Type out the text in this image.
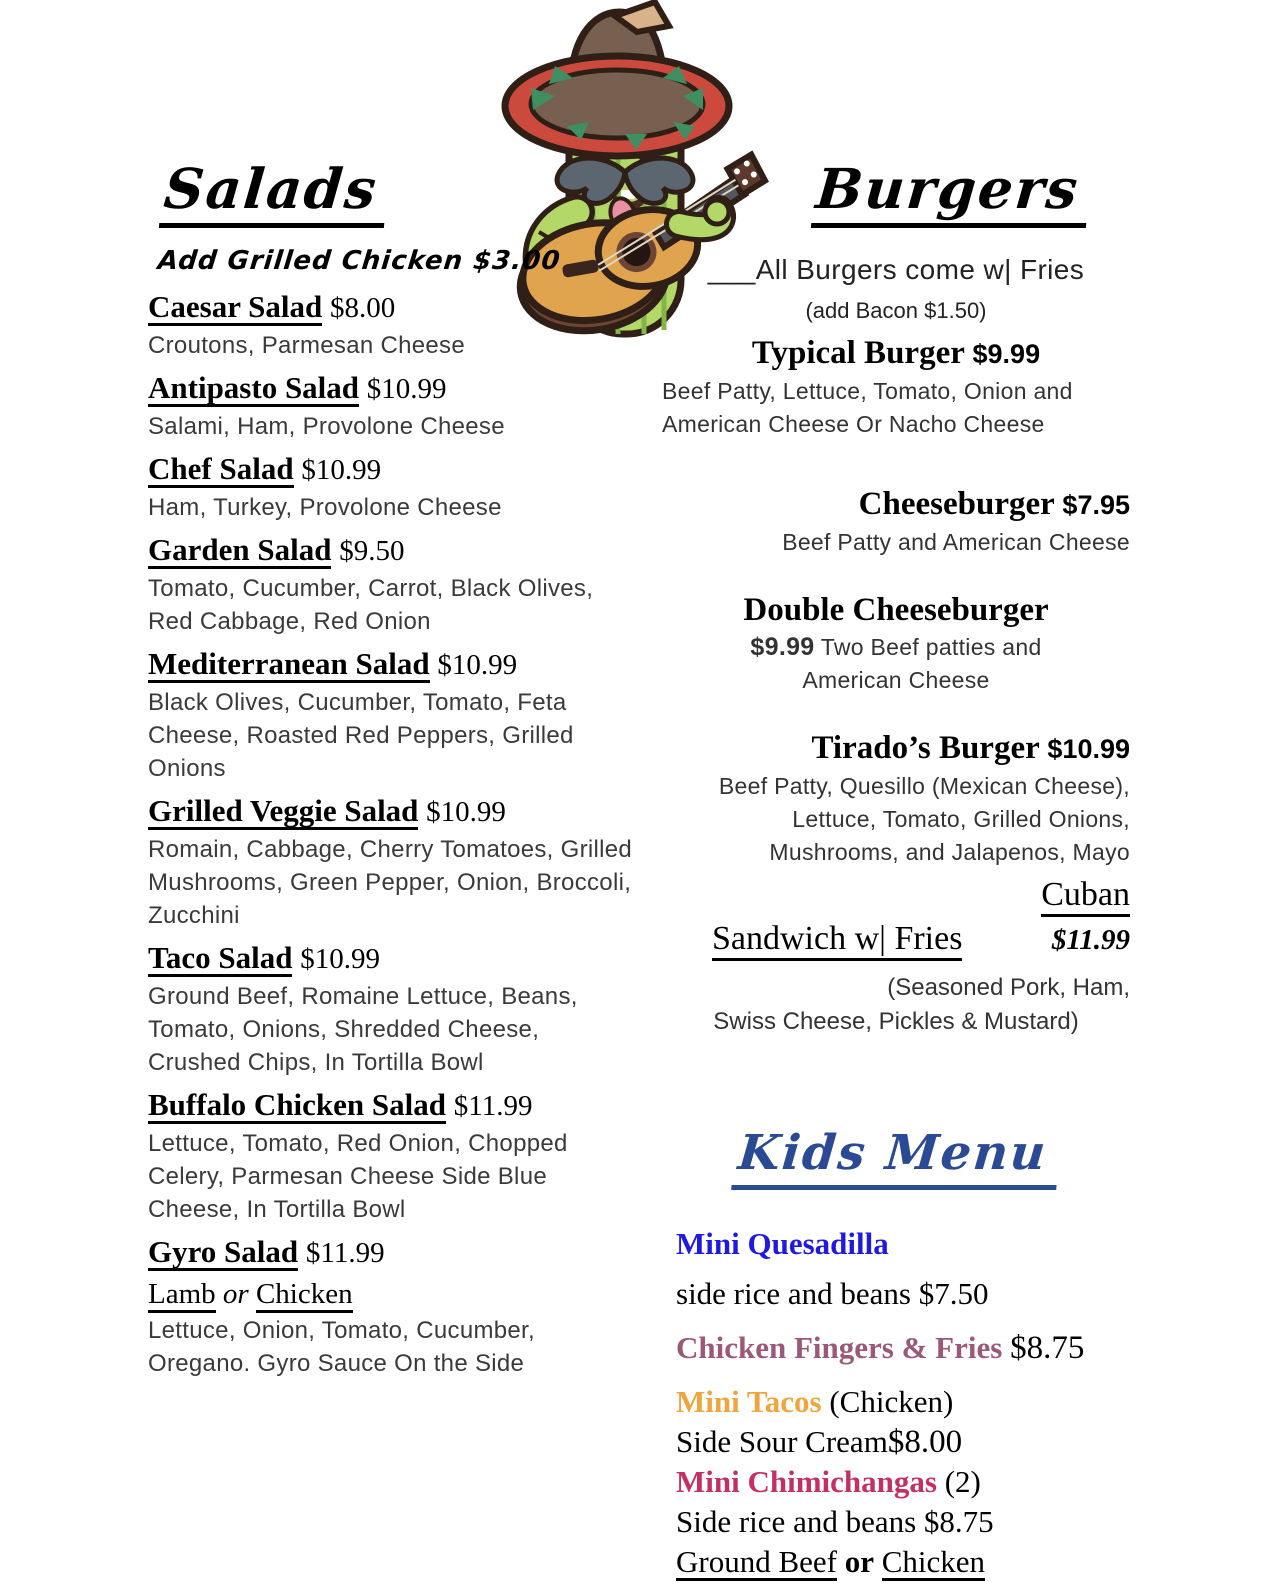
Salads
Add Grilled Chicken $3.00
Caesar Salad $8.00
Croutons, Parmesan Cheese
Antipasto Salad $10.99
Salami, Ham, Provolone Cheese
Chef Salad $10.99
Ham, Turkey, Provolone Cheese
Garden Salad $9.50
Tomato, Cucumber, Carrot, Black Olives, Red Cabbage, Red Onion
Mediterranean Salad $10.99
Black Olives, Cucumber, Tomato, Feta Cheese, Roasted Red Peppers, Grilled Onions
Grilled Veggie Salad $10.99
Romain, Cabbage, Cherry Tomatoes, Grilled Mushrooms, Green Pepper, Onion, Broccoli, Zucchini
Taco Salad $10.99
Ground Beef, Romaine Lettuce, Beans, Tomato, Onions, Shredded Cheese, Crushed Chips, In Tortilla Bowl
Buffalo Chicken Salad $11.99
Lettuce, Tomato, Red Onion, Chopped Celery, Parmesan Cheese Side Blue Cheese, In Tortilla Bowl
Gyro Salad $11.99
Lamb or Chicken
Lettuce, Onion, Tomato, Cucumber, Oregano. Gyro Sauce On the Side
Burgers
___All Burgers come w| Fries
(add Bacon $1.50)
Typical Burger $9.99
Beef Patty, Lettuce, Tomato, Onion and
American Cheese Or Nacho Cheese
Cheeseburger $7.95
Beef Patty and American Cheese
Double Cheeseburger
$9.99 Two Beef patties and
American Cheese
Tirado’s Burger $10.99
Beef Patty, Quesillo (Mexican Cheese),
Lettuce, Tomato, Grilled Onions,
Mushrooms, and Jalapenos, Mayo
Cuban
Sandwich w| Fries	$11.99
(Seasoned Pork, Ham,
Swiss Cheese, Pickles & Mustard)
Kids Menu
Mini Quesadilla
side rice and beans $7.50
Chicken Fingers & Fries $8.75
Mini Tacos (Chicken)
Side Sour Cream$8.00
Mini Chimichangas (2)
Side rice and beans $8.75
Ground Beef or Chicken
